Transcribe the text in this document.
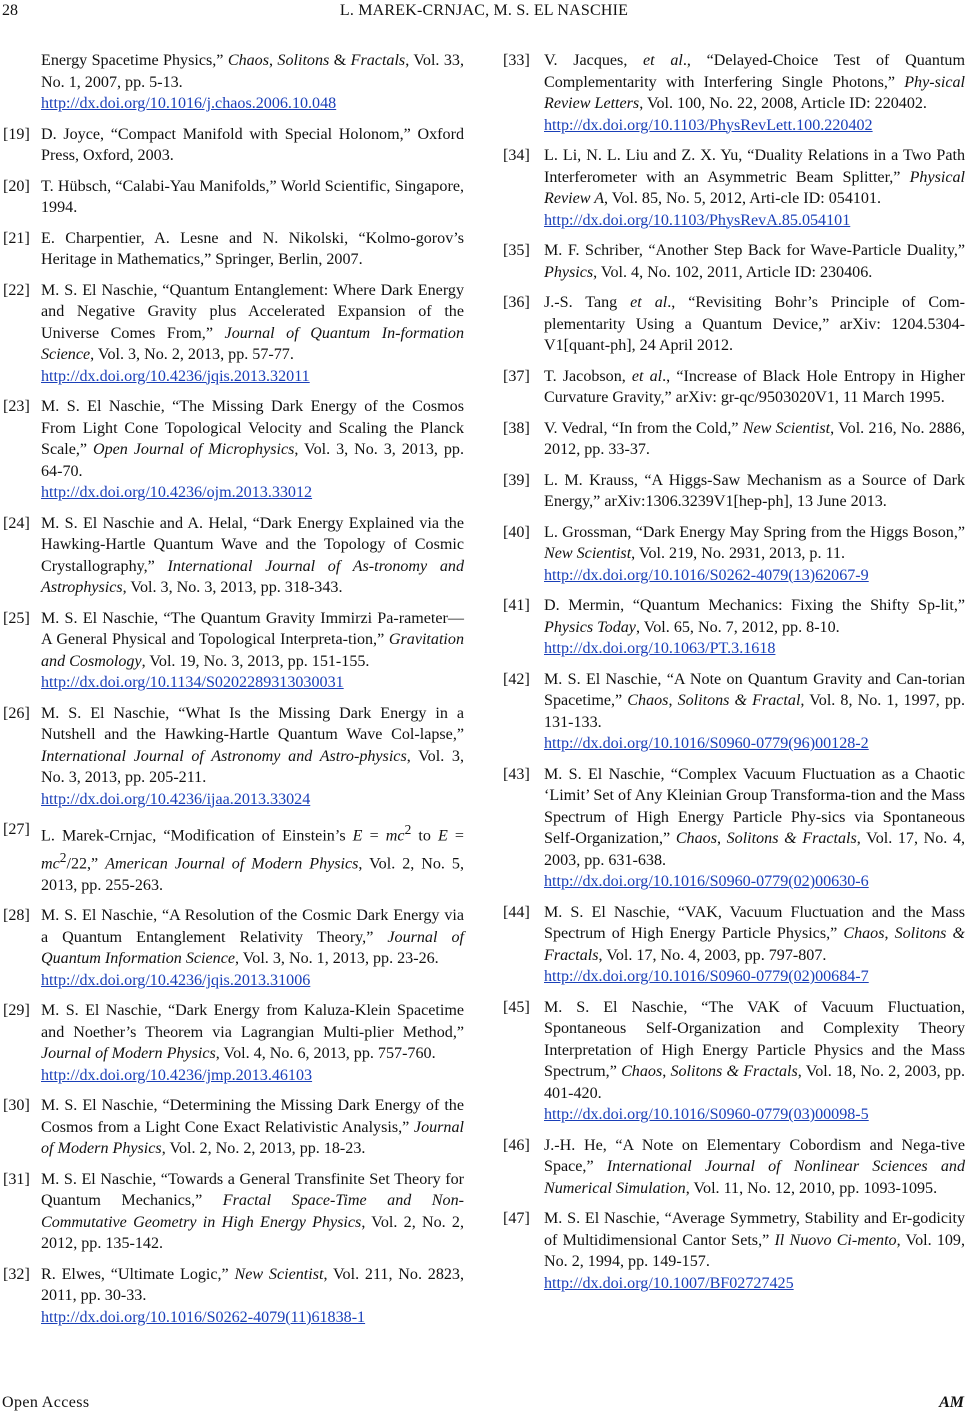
28	L. MAREK-CRNJAC, M. S. EL NASCHIE
Energy Spacetime Physics,” Chaos, Solitons & Fractals, Vol. 33, No. 1, 2007, pp. 5-13.
http://dx.doi.org/10.1016/j.chaos.2006.10.048
[19] D. Joyce, “Compact Manifold with Special Holonom,” Oxford Press, Oxford, 2003.
[20] T. Hübsch, “Calabi-Yau Manifolds,” World Scientific, Singapore, 1994.
[21] E. Charpentier, A. Lesne and N. Nikolski, “Kolmo-gorov’s Heritage in Mathematics,” Springer, Berlin, 2007.
[22] M. S. El Naschie, “Quantum Entanglement: Where Dark Energy and Negative Gravity plus Accelerated Expansion of the Universe Comes From,” Journal of Quantum In-formation Science, Vol. 3, No. 2, 2013, pp. 57-77.
http://dx.doi.org/10.4236/jqis.2013.32011
[23] M. S. El Naschie, “The Missing Dark Energy of the Cosmos From Light Cone Topological Velocity and Scaling the Planck Scale,” Open Journal of Microphysics, Vol. 3, No. 3, 2013, pp. 64-70.
http://dx.doi.org/10.4236/ojm.2013.33012
[24] M. S. El Naschie and A. Helal, “Dark Energy Explained via the Hawking-Hartle Quantum Wave and the Topology of Cosmic Crystallography,” International Journal of As-tronomy and Astrophysics, Vol. 3, No. 3, 2013, pp. 318-343.
[25] M. S. El Naschie, “The Quantum Gravity Immirzi Pa-rameter—A General Physical and Topological Interpreta-tion,” Gravitation and Cosmology, Vol. 19, No. 3, 2013, pp. 151-155.
http://dx.doi.org/10.1134/S0202289313030031
[26] M. S. El Naschie, “What Is the Missing Dark Energy in a Nutshell and the Hawking-Hartle Quantum Wave Col-lapse,” International Journal of Astronomy and Astro-physics, Vol. 3, No. 3, 2013, pp. 205-211.
http://dx.doi.org/10.4236/ijaa.2013.33024
[27] L. Marek-Crnjac, “Modification of Einstein’s $E = mc^2$ to $E = mc^2/22$,” American Journal of Modern Physics, Vol. 2, No. 5, 2013, pp. 255-263.
[28] M. S. El Naschie, “A Resolution of the Cosmic Dark Energy via a Quantum Entanglement Relativity Theory,” Journal of Quantum Information Science, Vol. 3, No. 1, 2013, pp. 23-26.
http://dx.doi.org/10.4236/jqis.2013.31006
[29] M. S. El Naschie, “Dark Energy from Kaluza-Klein Spacetime and Noether’s Theorem via Lagrangian Multi-plier Method,” Journal of Modern Physics, Vol. 4, No. 6, 2013, pp. 757-760.
http://dx.doi.org/10.4236/jmp.2013.46103
[30] M. S. El Naschie, “Determining the Missing Dark Energy of the Cosmos from a Light Cone Exact Relativistic Analysis,” Journal of Modern Physics, Vol. 2, No. 2, 2013, pp. 18-23.
[31] M. S. El Naschie, “Towards a General Transfinite Set Theory for Quantum Mechanics,” Fractal Space-Time and Non-Commutative Geometry in High Energy Physics, Vol. 2, No. 2, 2012, pp. 135-142.
[32] R. Elwes, “Ultimate Logic,” New Scientist, Vol. 211, No. 2823, 2011, pp. 30-33.
http://dx.doi.org/10.1016/S0262-4079(11)61838-1
[33] V. Jacques, et al., “Delayed-Choice Test of Quantum Complementarity with Interfering Single Photons,” Phy-sical Review Letters, Vol. 100, No. 22, 2008, Article ID: 220402.
http://dx.doi.org/10.1103/PhysRevLett.100.220402
[34] L. Li, N. L. Liu and Z. X. Yu, “Duality Relations in a Two Path Interferometer with an Asymmetric Beam Splitter,” Physical Review A, Vol. 85, No. 5, 2012, Arti-cle ID: 054101.
http://dx.doi.org/10.1103/PhysRevA.85.054101
[35] M. F. Schriber, “Another Step Back for Wave-Particle Duality,” Physics, Vol. 4, No. 102, 2011, Article ID: 230406.
[36] J.-S. Tang et al., “Revisiting Bohr’s Principle of Com-plementarity Using a Quantum Device,” arXiv: 1204.5304-V1[quant-ph], 24 April 2012.
[37] T. Jacobson, et al., “Increase of Black Hole Entropy in Higher Curvature Gravity,” arXiv: gr-qc/9503020V1, 11 March 1995.
[38] V. Vedral, “In from the Cold,” New Scientist, Vol. 216, No. 2886, 2012, pp. 33-37.
[39] L. M. Krauss, “A Higgs-Saw Mechanism as a Source of Dark Energy,” arXiv:1306.3239V1[hep-ph], 13 June 2013.
[40] L. Grossman, “Dark Energy May Spring from the Higgs Boson,” New Scientist, Vol. 219, No. 2931, 2013, p. 11.
http://dx.doi.org/10.1016/S0262-4079(13)62067-9
[41] D. Mermin, “Quantum Mechanics: Fixing the Shifty Sp-lit,” Physics Today, Vol. 65, No. 7, 2012, pp. 8-10.
http://dx.doi.org/10.1063/PT.3.1618
[42] M. S. El Naschie, “A Note on Quantum Gravity and Can-torian Spacetime,” Chaos, Solitons & Fractal, Vol. 8, No. 1, 1997, pp. 131-133.
http://dx.doi.org/10.1016/S0960-0779(96)00128-2
[43] M. S. El Naschie, “Complex Vacuum Fluctuation as a Chaotic ‘Limit’ Set of Any Kleinian Group Transforma-tion and the Mass Spectrum of High Energy Particle Phy-sics via Spontaneous Self-Organization,” Chaos, Solitons & Fractals, Vol. 17, No. 4, 2003, pp. 631-638.
http://dx.doi.org/10.1016/S0960-0779(02)00630-6
[44] M. S. El Naschie, “VAK, Vacuum Fluctuation and the Mass Spectrum of High Energy Particle Physics,” Chaos, Solitons & Fractals, Vol. 17, No. 4, 2003, pp. 797-807.
http://dx.doi.org/10.1016/S0960-0779(02)00684-7
[45] M. S. El Naschie, “The VAK of Vacuum Fluctuation, Spontaneous Self-Organization and Complexity Theory Interpretation of High Energy Particle Physics and the Mass Spectrum,” Chaos, Solitons & Fractals, Vol. 18, No. 2, 2003, pp. 401-420.
http://dx.doi.org/10.1016/S0960-0779(03)00098-5
[46] J.-H. He, “A Note on Elementary Cobordism and Nega-tive Space,” International Journal of Nonlinear Sciences and Numerical Simulation, Vol. 11, No. 12, 2010, pp. 1093-1095.
[47] M. S. El Naschie, “Average Symmetry, Stability and Er-godicity of Multidimensional Cantor Sets,” Il Nuovo Ci-mento, Vol. 109, No. 2, 1994, pp. 149-157.
http://dx.doi.org/10.1007/BF02727425
Open Access	AM
